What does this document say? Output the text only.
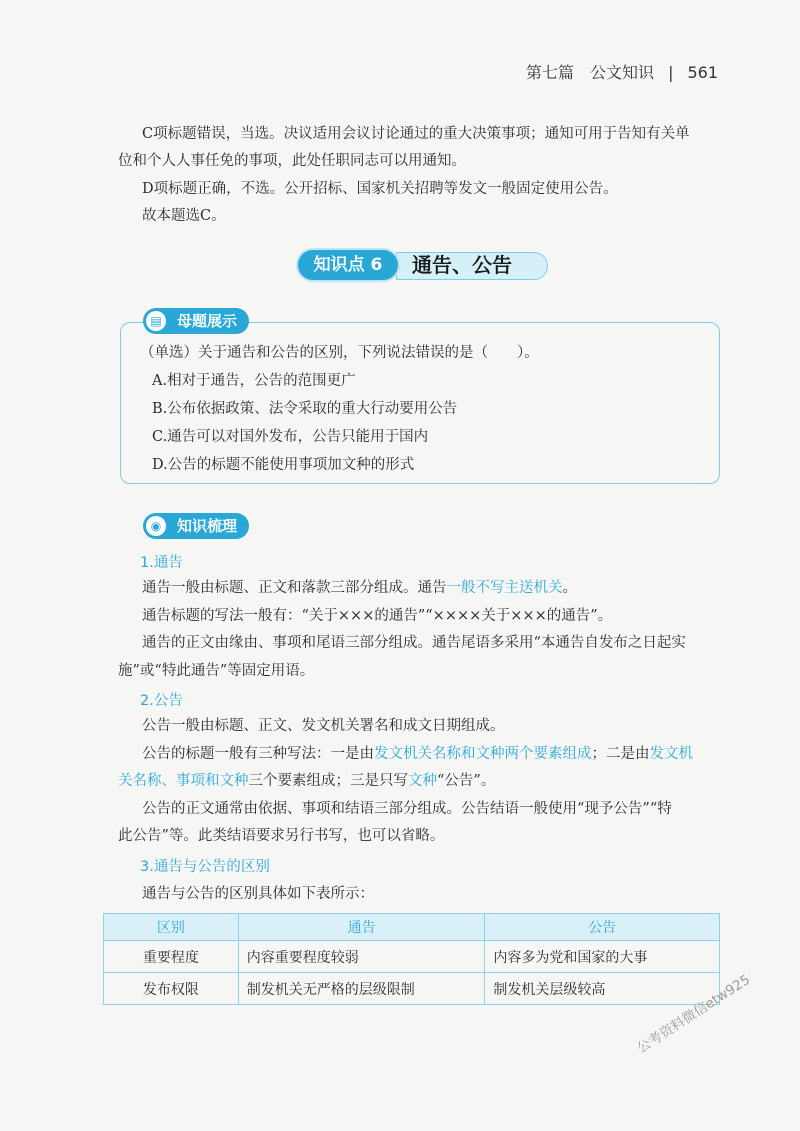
第七篇　公文知识 | 561
C项标题错误，当选。决议适用会议讨论通过的重大决策事项；通知可用于告知有关单
位和个人人事任免的事项，此处任职同志可以用通知。
D项标题正确，不选。公开招标、国家机关招聘等发文一般固定使用公告。
故本题选C。
知识点 6	通告、公告
▤ 母题展示
（单选）关于通告和公告的区别，下列说法错误的是（　　）。
A.相对于通告，公告的范围更广
B.公布依据政策、法令采取的重大行动要用公告
C.通告可以对国外发布，公告只能用于国内
D.公告的标题不能使用事项加文种的形式
◉	知识梳理
1.通告
通告一般由标题、正文和落款三部分组成。通告一般不写主送机关。
通告标题的写法一般有：“关于×××的通告”“××××关于×××的通告”。
通告的正文由缘由、事项和尾语三部分组成。通告尾语多采用“本通告自发布之日起实
施”或“特此通告”等固定用语。
2.公告
公告一般由标题、正文、发文机关署名和成文日期组成。
公告的标题一般有三种写法：一是由发文机关名称和文种两个要素组成；二是由发文机
关名称、事项和文种三个要素组成；三是只写文种“公告”。
公告的正文通常由依据、事项和结语三部分组成。公告结语一般使用“现予公告”“特
此公告”等。此类结语要求另行书写，也可以省略。
3.通告与公告的区别
通告与公告的区别具体如下表所示：
区别	通告	公告
重要程度	内容重要程度较弱	内容多为党和国家的大事
发布权限	制发机关无严格的层级限制	制发机关层级较高 公考资料微信etw925
